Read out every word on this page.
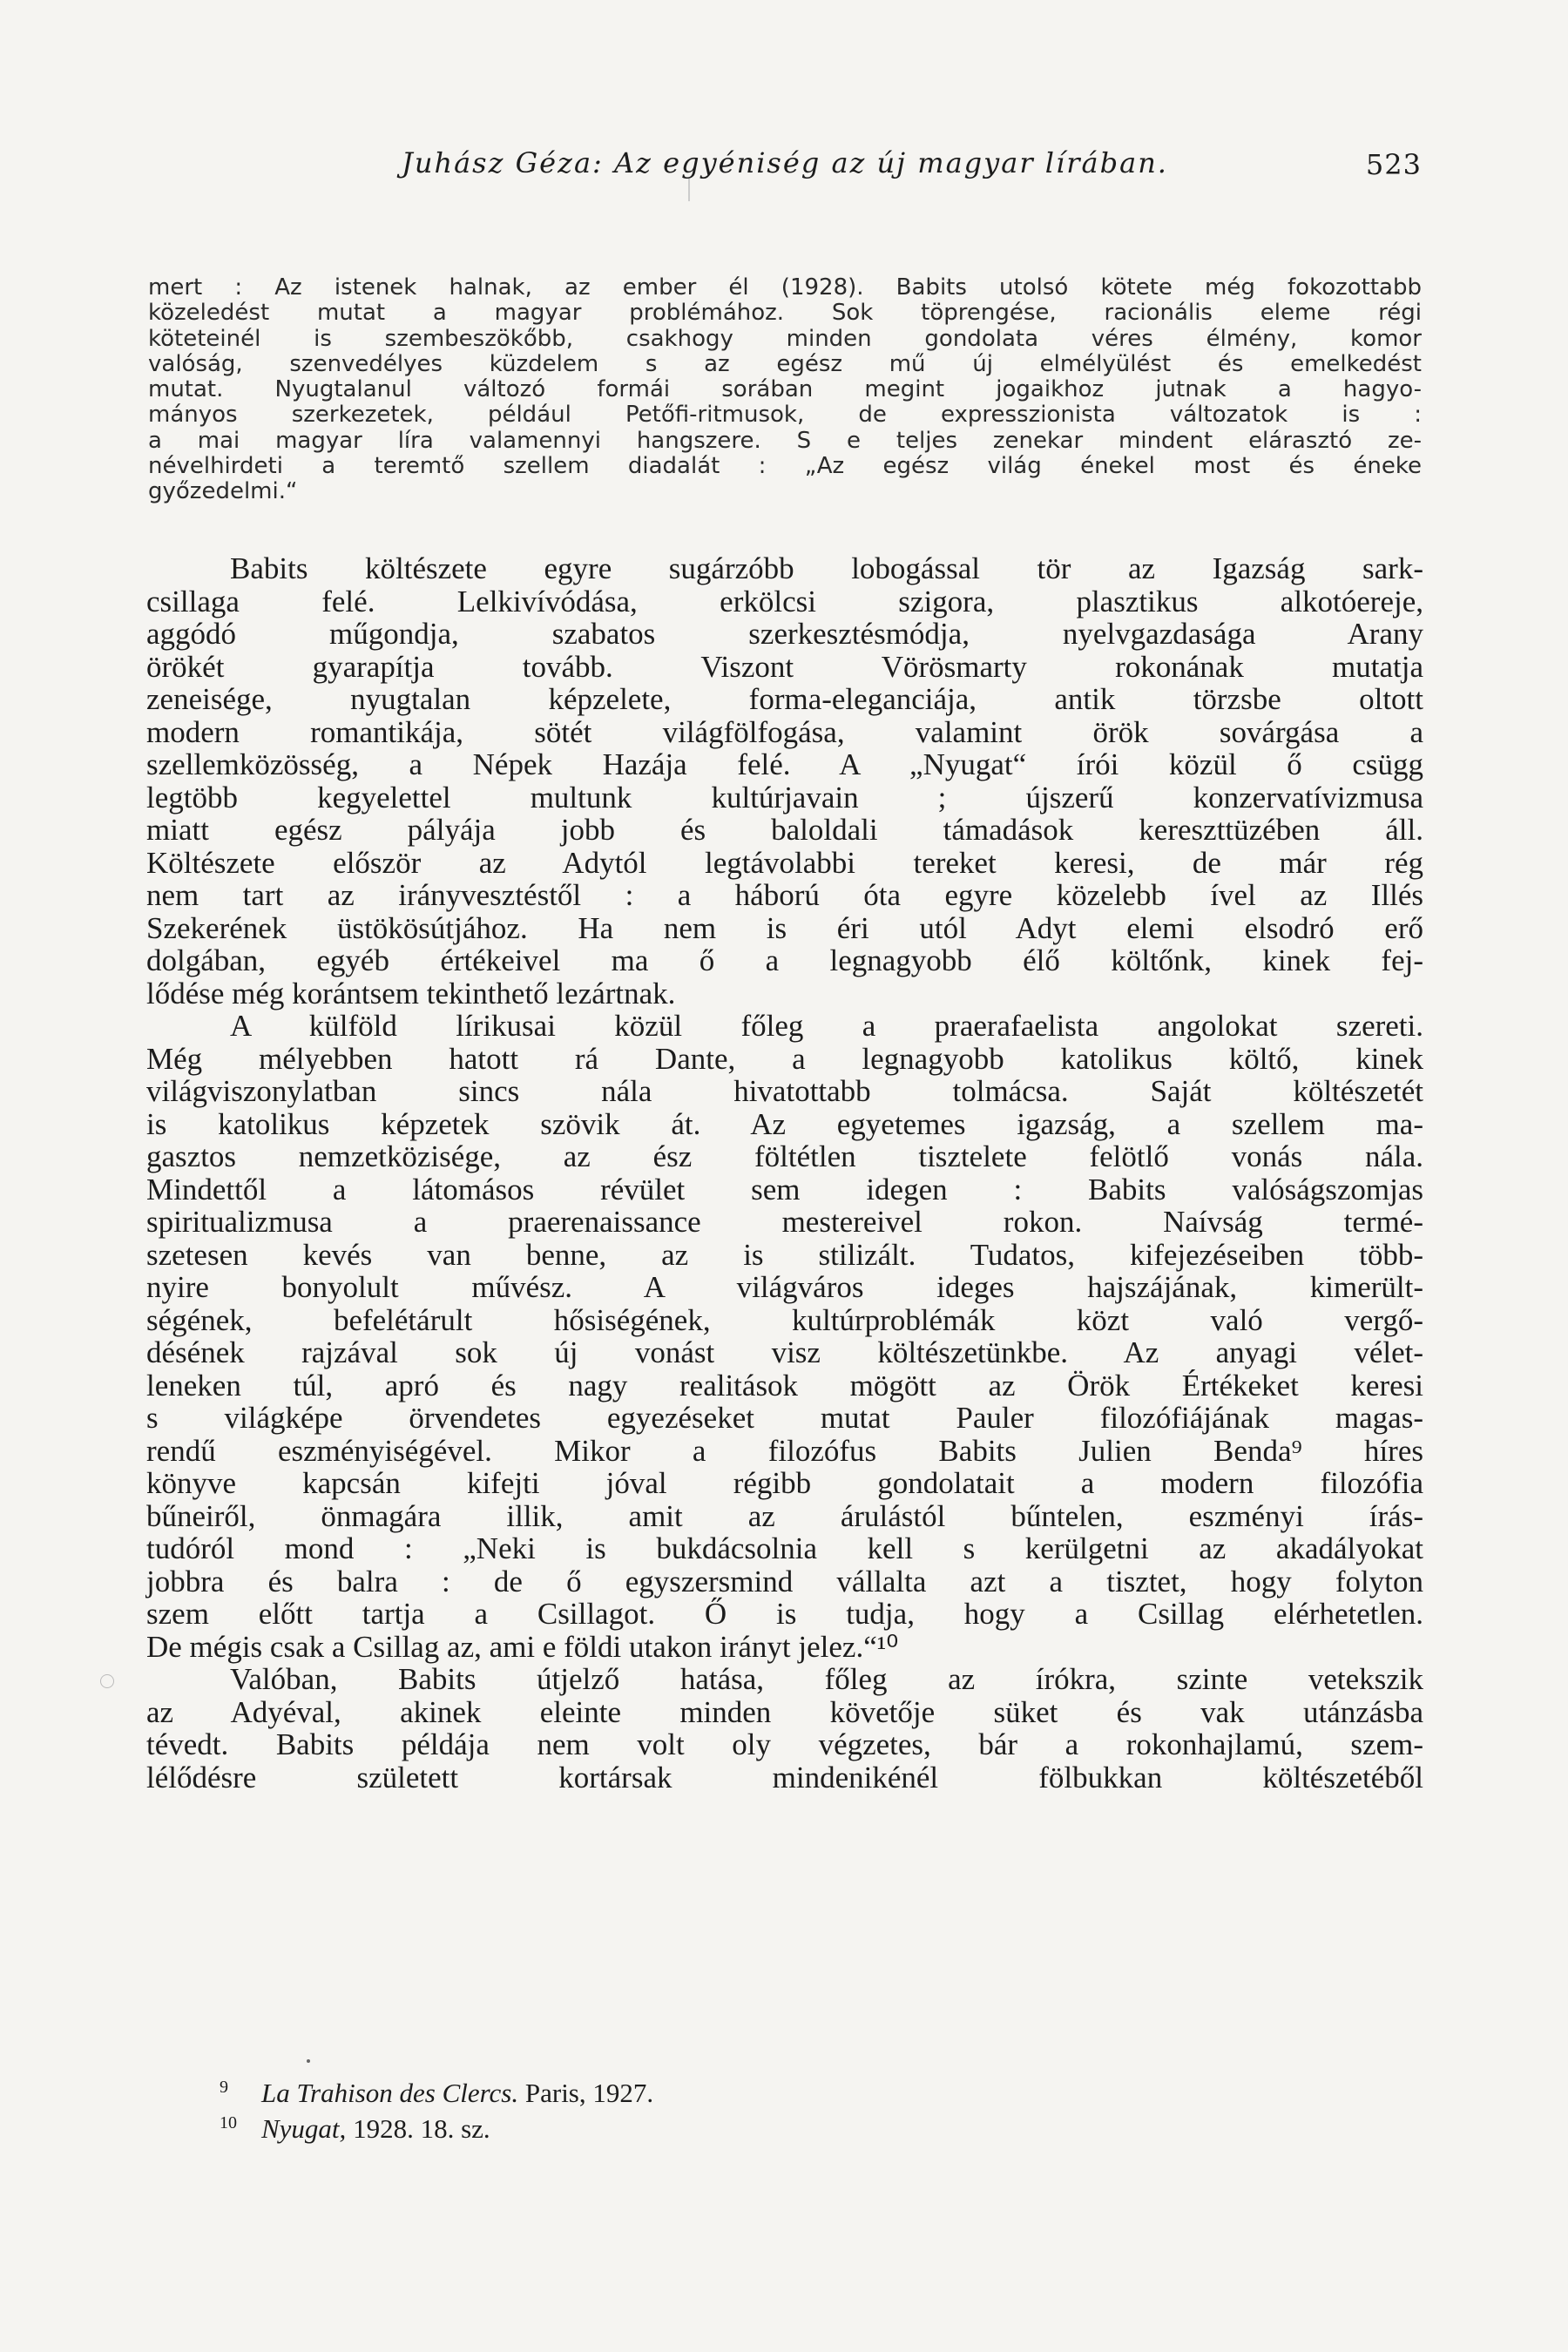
Juhász Géza: Az egyéniség az új magyar lírában.	523
mert : Az istenek halnak, az ember él (1928). Babits utolsó kötete még fokozottabb
közeledést mutat a magyar problémához. Sok töprengése, racionális eleme régi
köteteinél is szembeszökőbb, csakhogy minden gondolata véres élmény, komor
valóság, szenvedélyes küzdelem s az egész mű új elmélyülést és emelkedést
mutat. Nyugtalanul változó formái sorában megint jogaikhoz jutnak a hagyo-
mányos szerkezetek, például Petőfi-ritmusok, de expresszionista változatok is :
a mai magyar líra valamennyi hangszere. S e teljes zenekar mindent elárasztó ze-
névelhirdeti a teremtő szellem diadalát : „Az egész világ énekel most és éneke
győzedelmi.“
Babits költészete egyre sugárzóbb lobogással tör az Igazság sark-
csillaga felé. Lelkivívódása, erkölcsi szigora, plasztikus alkotóereje,
aggódó műgondja, szabatos szerkesztésmódja, nyelvgazdasága Arany
örökét gyarapítja tovább. Viszont Vörösmarty rokonának mutatja
zeneisége, nyugtalan képzelete, forma-eleganciája, antik törzsbe oltott
modern romantikája, sötét világfölfogása, valamint örök sovárgása a
szellemközösség, a Népek Hazája felé. A „Nyugat“ írói közül ő csügg
legtöbb kegyelettel multunk kultúrjavain ; újszerű konzervatívizmusa
miatt egész pályája jobb és baloldali támadások kereszttüzében áll.
Költészete először az Adytól legtávolabbi tereket keresi, de már rég
nem tart az irányvesztéstől : a háború óta egyre közelebb ível az Illés
Szekerének üstökösútjához. Ha nem is éri utól Adyt elemi elsodró erő
dolgában, egyéb értékeivel ma ő a legnagyobb élő költőnk, kinek fej-
lődése még korántsem tekinthető lezártnak.
A külföld lírikusai közül főleg a praerafaelista angolokat szereti.
Még mélyebben hatott rá Dante, a legnagyobb katolikus költő, kinek
világviszonylatban sincs nála hivatottabb tolmácsa. Saját költészetét
is katolikus képzetek szövik át. Az egyetemes igazság, a szellem ma-
gasztos nemzetközisége, az ész föltétlen tisztelete felötlő vonás nála.
Mindettől a látomásos révület sem idegen : Babits valóságszomjas
spiritualizmusa a praerenaissance mestereivel rokon. Naívság termé-
szetesen kevés van benne, az is stilizált. Tudatos, kifejezéseiben több-
nyire bonyolult művész. A világváros ideges hajszájának, kimerült-
ségének, befelétárult hősiségének, kultúrproblémák közt való vergő-
désének rajzával sok új vonást visz költészetünkbe. Az anyagi vélet-
leneken túl, apró és nagy realitások mögött az Örök Értékeket keresi
s világképe örvendetes egyezéseket mutat Pauler filozófiájának magas-
rendű eszményiségével. Mikor a filozófus Babits Julien Benda⁹ híres
könyve kapcsán kifejti jóval régibb gondolatait a modern filozófia
bűneiről, önmagára illik, amit az árulástól bűntelen, eszményi írás-
tudóról mond : „Neki is bukdácsolnia kell s kerülgetni az akadályokat
jobbra és balra : de ő egyszersmind vállalta azt a tisztet, hogy folyton
szem előtt tartja a Csillagot. Ő is tudja, hogy a Csillag elérhetetlen.
De mégis csak a Csillag az, ami e földi utakon irányt jelez.“¹⁰
Valóban, Babits útjelző hatása, főleg az írókra, szinte vetekszik
az Adyéval, akinek eleinte minden követője süket és vak utánzásba
tévedt. Babits példája nem volt oly végzetes, bár a rokonhajlamú, szem-
lélődésre született kortársak mindenikénél fölbukkan költészetéből
9 La Trahison des Clercs. Paris, 1927.
10 Nyugat, 1928. 18. sz.
